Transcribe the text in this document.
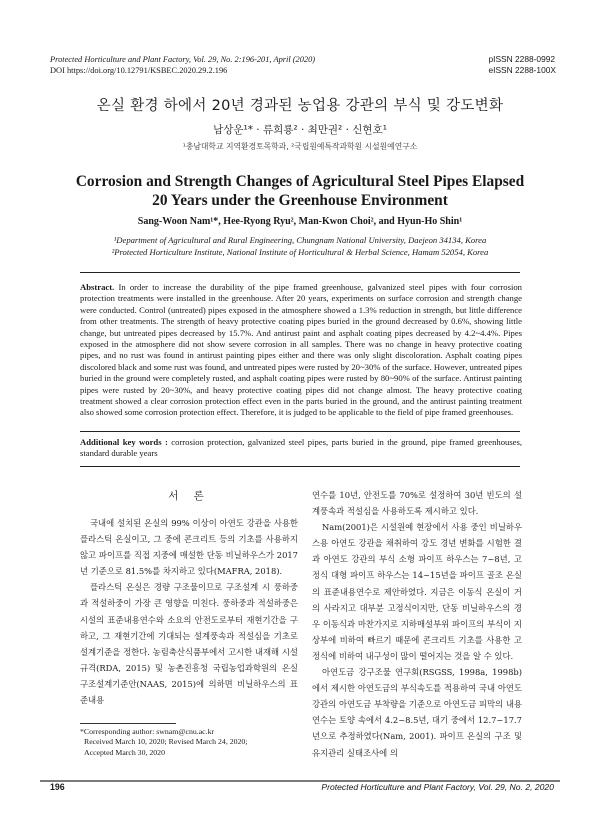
Protected Horticulture and Plant Factory, Vol. 29, No. 2:196-201, April (2020)
DOI https://doi.org/10.12791/KSBEC.2020.29.2.196
pISSN 2288-0992
eISSN 2288-100X
온실 환경 하에서 20년 경과된 농업용 강관의 부식 및 강도변화
남상운¹* · 류희룡² · 최만권² · 신현호¹
¹충남대학교 지역환경토목학과, ²국립원예특작과학원 시설원예연구소
Corrosion and Strength Changes of Agricultural Steel Pipes Elapsed
20 Years under the Greenhouse Environment
Sang-Woon Nam¹*, Hee-Ryong Ryu², Man-Kwon Choi², and Hyun-Ho Shin¹
¹Department of Agricultural and Rural Engineering, Chungnam National University, Daejeon 34134, Korea
²Protected Horticulture Institute, National Institute of Horticultural & Herbal Science, Hamam 52054, Korea
Abstract. In order to increase the durability of the pipe framed greenhouse, galvanized steel pipes with four corrosion protection treatments were installed in the greenhouse. After 20 years, experiments on surface corrosion and strength change were conducted. Control (untreated) pipes exposed in the atmosphere showed a 1.3% reduction in strength, but little difference from other treatments. The strength of heavy protective coating pipes buried in the ground decreased by 0.6%, showing little change, but untreated pipes decreased by 15.7%. And antirust paint and asphalt coating pipes decreased by 4.2~4.4%. Pipes exposed in the atmosphere did not show severe corrosion in all samples. There was no change in heavy protective coating pipes, and no rust was found in antirust painting pipes either and there was only slight discoloration. Asphalt coating pipes discolored black and some rust was found, and untreated pipes were rusted by 20~30% of the surface. However, untreated pipes buried in the ground were completely rusted, and asphalt coating pipes were rusted by 80~90% of the surface. Antirust painting pipes were rusted by 20~30%, and heavy protective coating pipes did not change almost. The heavy protective coating treatment showed a clear corrosion protection effect even in the parts buried in the ground, and the antirust painting treatment also showed some corrosion protection effect. Therefore, it is judged to be applicable to the field of pipe framed greenhouses.
Additional key words : corrosion protection, galvanized steel pipes, parts buried in the ground, pipe framed greenhouses, standard durable years
서 론

국내에 설치된 온실의 99% 이상이 아연도 강관을 사용한 플라스틱 온실이고, 그 중에 콘크리트 등의 기초를 사용하지 않고 파이프를 직접 지중에 매설한 단동 비닐하우스가 2017년 기준으로 81.5%를 차지하고 있다(MAFRA, 2018).

플라스틱 온실은 경량 구조물이므로 구조설계 시 풍하중과 적설하중이 가장 큰 영향을 미친다. 풍하중과 적설하중은 시설의 표준내용연수와 소요의 안전도로부터 재현기간을 구하고, 그 재현기간에 기대되는 설계풍속과 적설심을 기초로 설계기준을 정한다. 농림축산식품부에서 고시한 내재해 시설규격(RDA, 2015) 및 농촌진흥청 국립농업과학원의 온실 구조설계기준안(NAAS, 2015)에 의하면 비닐하우스의 표준내용

연수를 10년, 안전도를 70%로 설정하여 30년 빈도의 설계풍속과 적설심을 사용하도록 제시하고 있다.

Nam(2001)은 시설원예 현장에서 사용 중인 비닐하우스용 아연도 강관을 채취하여 강도 경년 변화를 시험한 결과 아연도 강관의 부식 소형 파이프 하우스는 7~8년, 고정식 대형 파이프 하우스는 14~15년을 파이프 골조 온실의 표준내용연수로 제안하였다. 지금은 이동식 온실이 거의 사라지고 대부분 고정식이지만, 단동 비닐하우스의 경우 이동식과 마찬가지로 지하매설부위 파이프의 부식이 지상부에 비하여 빠르기 때문에 콘크리트 기초를 사용한 고정식에 비하여 내구성이 많이 떨어지는 것을 알 수 있다.

아연도금 강구조물 연구회(RSGSS, 1998a, 1998b)에서 제시한 아연도금의 부식속도를 적용하여 국내 아연도 강관의 아연도금 부착량을 기준으로 아연도금 피막의 내용연수는 토양 속에서 4.2~8.5년, 대기 중에서 12.7~17.7년으로 추정하였다(Nam, 2001). 파이프 온실의 구조 및 유지관리 실태조사에 의

*Corresponding author: swnam@cnu.ac.kr
Received March 10, 2020; Revised March 24, 2020;
Accepted March 30, 2020
196	Protected Horticulture and Plant Factory, Vol. 29, No. 2, 2020
